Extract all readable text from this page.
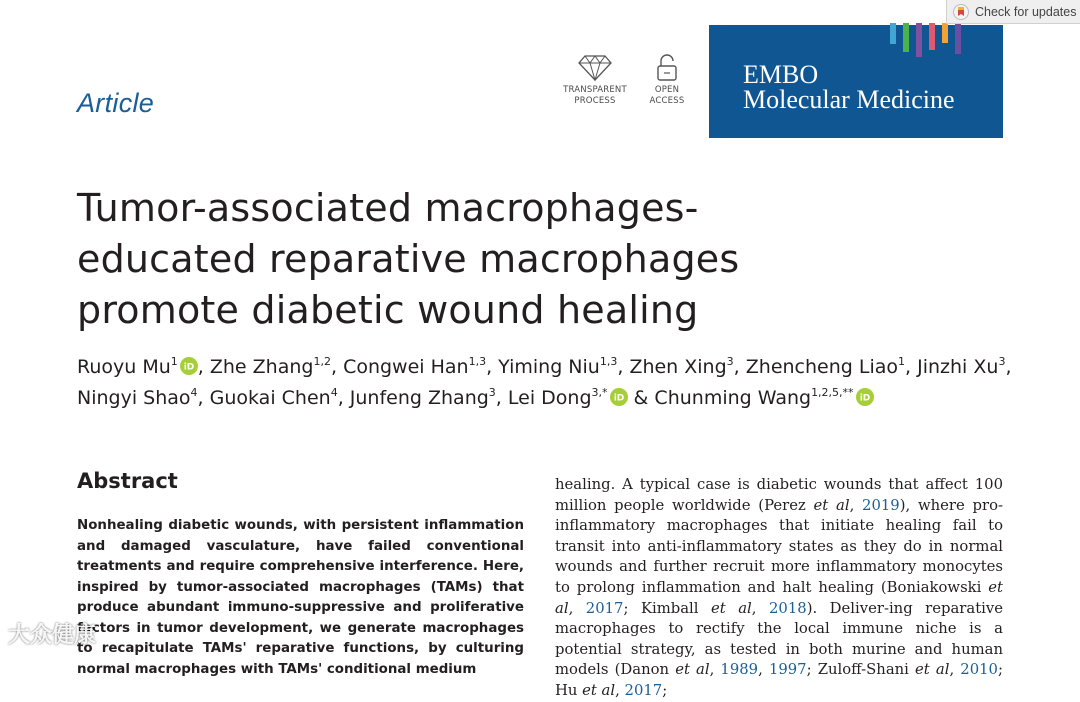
Article	TRANSPARENT
PROCESS
OPEN
ACCESS
EMBO
Molecular Medicine
Check for updates
Tumor-associated macrophages-educated reparative macrophages promote diabetic wound healing
Ruoyu Mu$^1$ iD , Zhe Zhang$^{1,2}$, Congwei Han$^{1,3}$, Yiming Niu$^{1,3}$, Zhen Xing$^3$, Zhencheng Liao$^1$, Jinzhi Xu$^3$, Ningyi Shao$^4$, Guokai Chen$^4$, Junfeng Zhang$^3$, Lei Dong$^{3,*}$ iD & Chunming Wang$^{1,2,5,**}$ iD
Abstract
Nonhealing diabetic wounds, with persistent inflammation and damaged vasculature, have failed conventional treatments and require comprehensive interference. Here, inspired by tumor-associated macrophages (TAMs) that produce abundant immuno-suppressive and proliferative factors in tumor development, we generate macrophages to recapitulate TAMs' reparative functions, by culturing normal macrophages with TAMs' conditional medium
healing. A typical case is diabetic wounds that affect 100 million people worldwide (Perez et al, 2019), where pro-inflammatory macrophages that initiate healing fail to transit into anti-inflammatory states as they do in normal wounds and further recruit more inflammatory monocytes to prolong inflammation and halt healing (Boniakowski et al, 2017; Kimball et al, 2018). Deliver-ing reparative macrophages to rectify the local immune niche is a potential strategy, as tested in both murine and human models (Danon et al, 1989, 1997; Zuloff-Shani et al, 2010; Hu et al, 2017;
大众健康
